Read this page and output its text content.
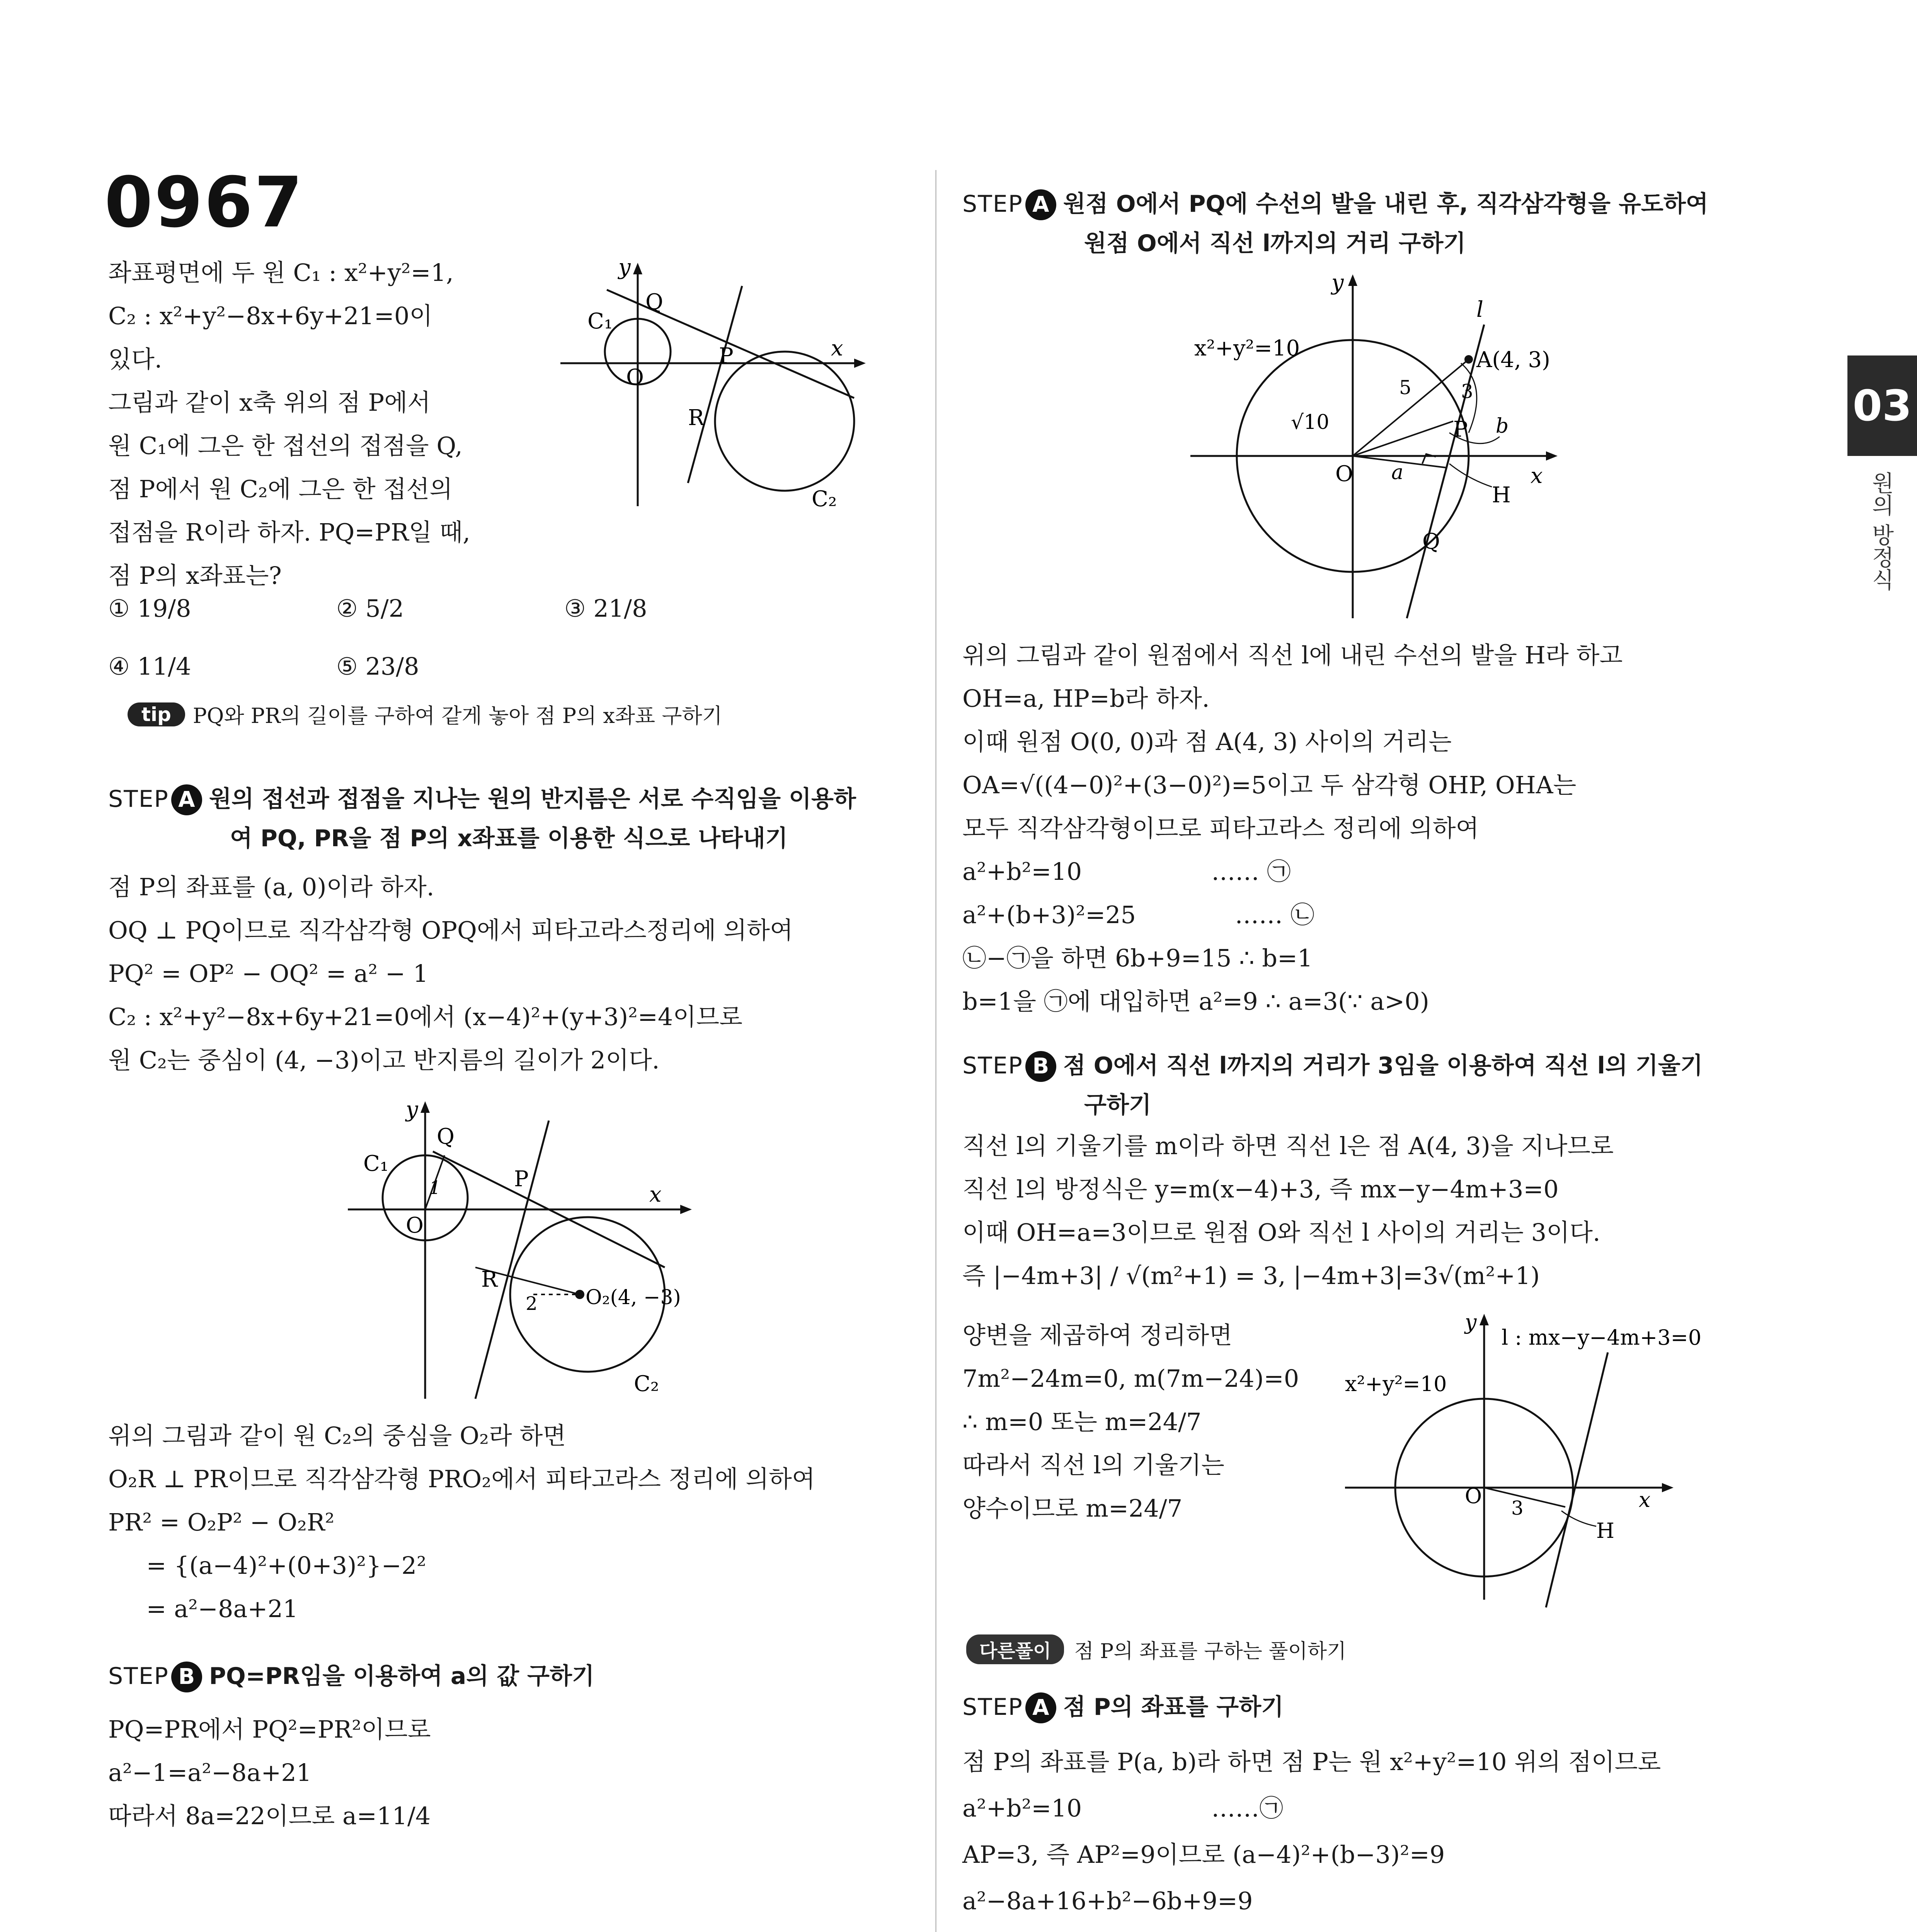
03
원의 방정식
0967
좌표평면에 두 원 C₁ : x²+y²=1,
C₂ : x²+y²−8x+6y+21=0이
있다.
그림과 같이 x축 위의 점 P에서
원 C₁에 그은 한 접선의 접점을 Q,
점 P에서 원 C₂에 그은 한 접선의
접점을 R이라 하자. PQ=PR일 때,
점 P의 x좌표는?
y
x
O
C₁
C₂
Q
P
R
① 19/8	② 5/2	③ 21/8
④ 11/4	⑤ 23/8
tip	PQ와 PR의 길이를 구하여 같게 놓아 점 P의 x좌표 구하기
STEP A 원의 접선과 접점을 지나는 원의 반지름은 서로 수직임을 이용하
여 PQ, PR을 점 P의 x좌표를 이용한 식으로 나타내기
점 P의 좌표를 (a, 0)이라 하자.
OQ ⊥ PQ이므로 직각삼각형 OPQ에서 피타고라스정리에 의하여
PQ² = OP² − OQ² = a² − 1
C₂ : x²+y²−8x+6y+21=0에서 (x−4)²+(y+3)²=4이므로
원 C₂는 중심이 (4, −3)이고 반지름의 길이가 2이다.
y
x
O
C₁
C₂
Q
P
R
1
2 O₂(4, −3)
위의 그림과 같이 원 C₂의 중심을 O₂라 하면
O₂R ⊥ PR이므로 직각삼각형 PRO₂에서 피타고라스 정리에 의하여
PR² = O₂P² − O₂R²
= {(a−4)²+(0+3)²}−2²
= a²−8a+21
STEP B PQ=PR임을 이용하여 a의 값 구하기
PQ=PR에서 PQ²=PR²이므로
a²−1=a²−8a+21
따라서 8a=22이므로 a=11/4
STEP A 원점 O에서 PQ에 수선의 발을 내린 후, 직각삼각형을 유도하여
원점 O에서 직선 l까지의 거리 구하기
x²+y²=10
y
x
O
l
A(4, 3)
P
Q
H
√10
5	3
a
b
위의 그림과 같이 원점에서 직선 l에 내린 수선의 발을 H라 하고
OH=a, HP=b라 하자.
이때 원점 O(0, 0)과 점 A(4, 3) 사이의 거리는
OA=√((4−0)²+(3−0)²)=5이고 두 삼각형 OHP, OHA는
모두 직각삼각형이므로 피타고라스 정리에 의하여
a²+b²=10                 …… ㉠
a²+(b+3)²=25             …… ㉡
㉡−㉠을 하면 6b+9=15 ∴ b=1
b=1을 ㉠에 대입하면 a²=9 ∴ a=3(∵ a>0)
STEP B 점 O에서 직선 l까지의 거리가 3임을 이용하여 직선 l의 기울기
구하기
직선 l의 기울기를 m이라 하면 직선 l은 점 A(4, 3)을 지나므로
직선 l의 방정식은 y=m(x−4)+3, 즉 mx−y−4m+3=0
이때 OH=a=3이므로 원점 O와 직선 l 사이의 거리는 3이다.
즉 |−4m+3| / √(m²+1) = 3, |−4m+3|=3√(m²+1)
양변을 제곱하여 정리하면
7m²−24m=0, m(7m−24)=0
∴ m=0 또는 m=24/7
따라서 직선 l의 기울기는
양수이므로 m=24/7
x²+y²=10
l : mx−y−4m+3=0
y
x
O
H
3
다른풀이	점 P의 좌표를 구하는 풀이하기
STEP A 점 P의 좌표를 구하기
점 P의 좌표를 P(a, b)라 하면 점 P는 원 x²+y²=10 위의 점이므로
a²+b²=10                 ……㉠
AP=3, 즉 AP²=9이므로 (a−4)²+(b−3)²=9
a²−8a+16+b²−6b+9=9
